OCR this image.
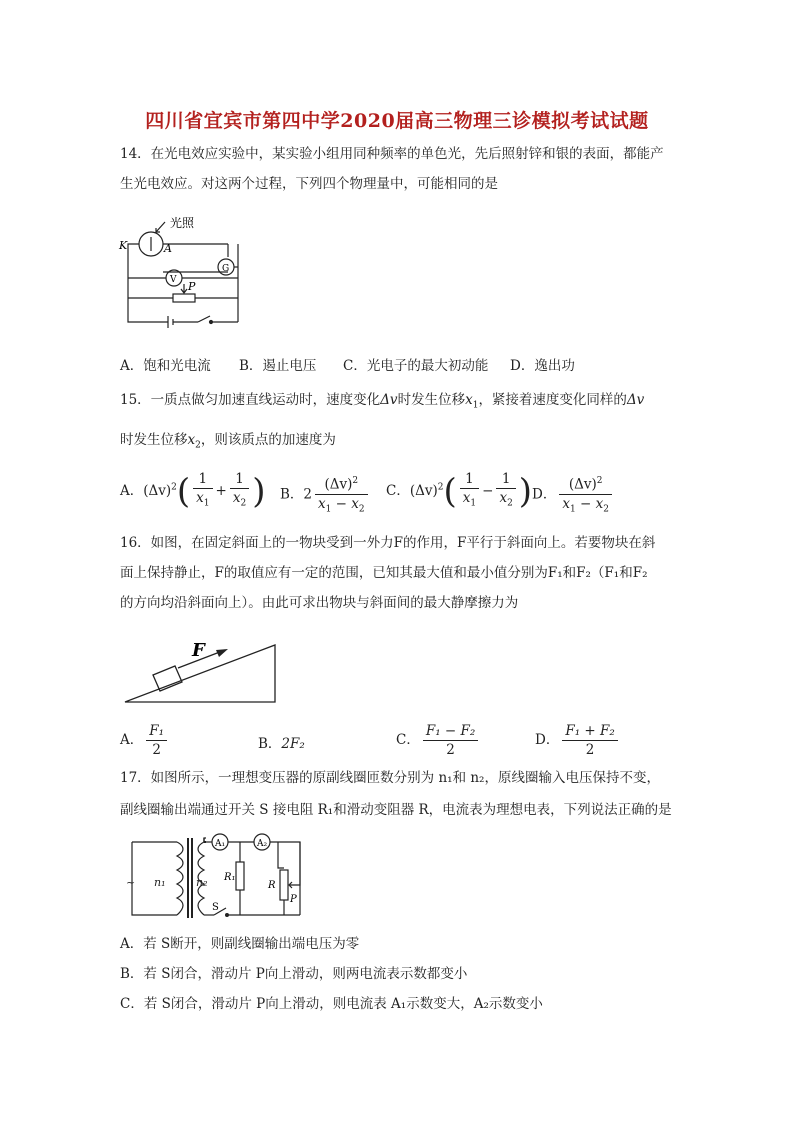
四川省宜宾市第四中学2020届高三物理三诊模拟考试试题
14．在光电效应实验中，某实验小组用同种频率的单色光，先后照射锌和银的表面，都能产
生光电效应。对这两个过程，下列四个物理量中，可能相同的是
光照
K	A
V
G
P
A．饱和光电流 B．遏止电压 C．光电子的最大初动能 D．逸出功
15．一质点做匀加速直线运动时，速度变化Δv时发生位移$x_1$，紧接着速度变化同样的Δv
时发生位移$x_2$，则该质点的加速度为
A．$(\Delta v)^2( \frac{1}{x_1} + \frac{1}{x_2}$ ) B．$2 \frac{(\Delta v)^2}{x_1 - x_2}$ C．$(\Delta v)^2( \frac{1}{x_1} - \frac{1}{x_2}$ ) D． $\frac{(\Delta v)^2}{x_1 - x_2}$
16．如图，在固定斜面上的一物块受到一外力F的作用，F平行于斜面向上。若要物块在斜
面上保持静止，F的取值应有一定的范围，已知其最大值和最小值分别为F₁和F₂（F₁和F₂
的方向均沿斜面向上）。由此可求出物块与斜面间的最大静摩擦力为
F
A． $\frac{\text{F₁}}{2}$	B．2F₂	C． $\frac{\text{F₁ − F₂}}{2}$	D． $\frac{\text{F₁ + F₂}}{2}$
17．如图所示，一理想变压器的原副线圈匝数分别为 n₁和 n₂，原线圈输入电压保持不变，
副线圈输出端通过开关 S 接电阻 R₁和滑动变阻器 R，电流表为理想电表，下列说法正确的是
A₁	A₂
R₁
R
S
P
~ n₁	n₂
A．若 S断开，则副线圈输出端电压为零
B．若 S闭合，滑动片 P向上滑动，则两电流表示数都变小
C．若 S闭合，滑动片 P向上滑动，则电流表 A₁示数变大，A₂示数变小
